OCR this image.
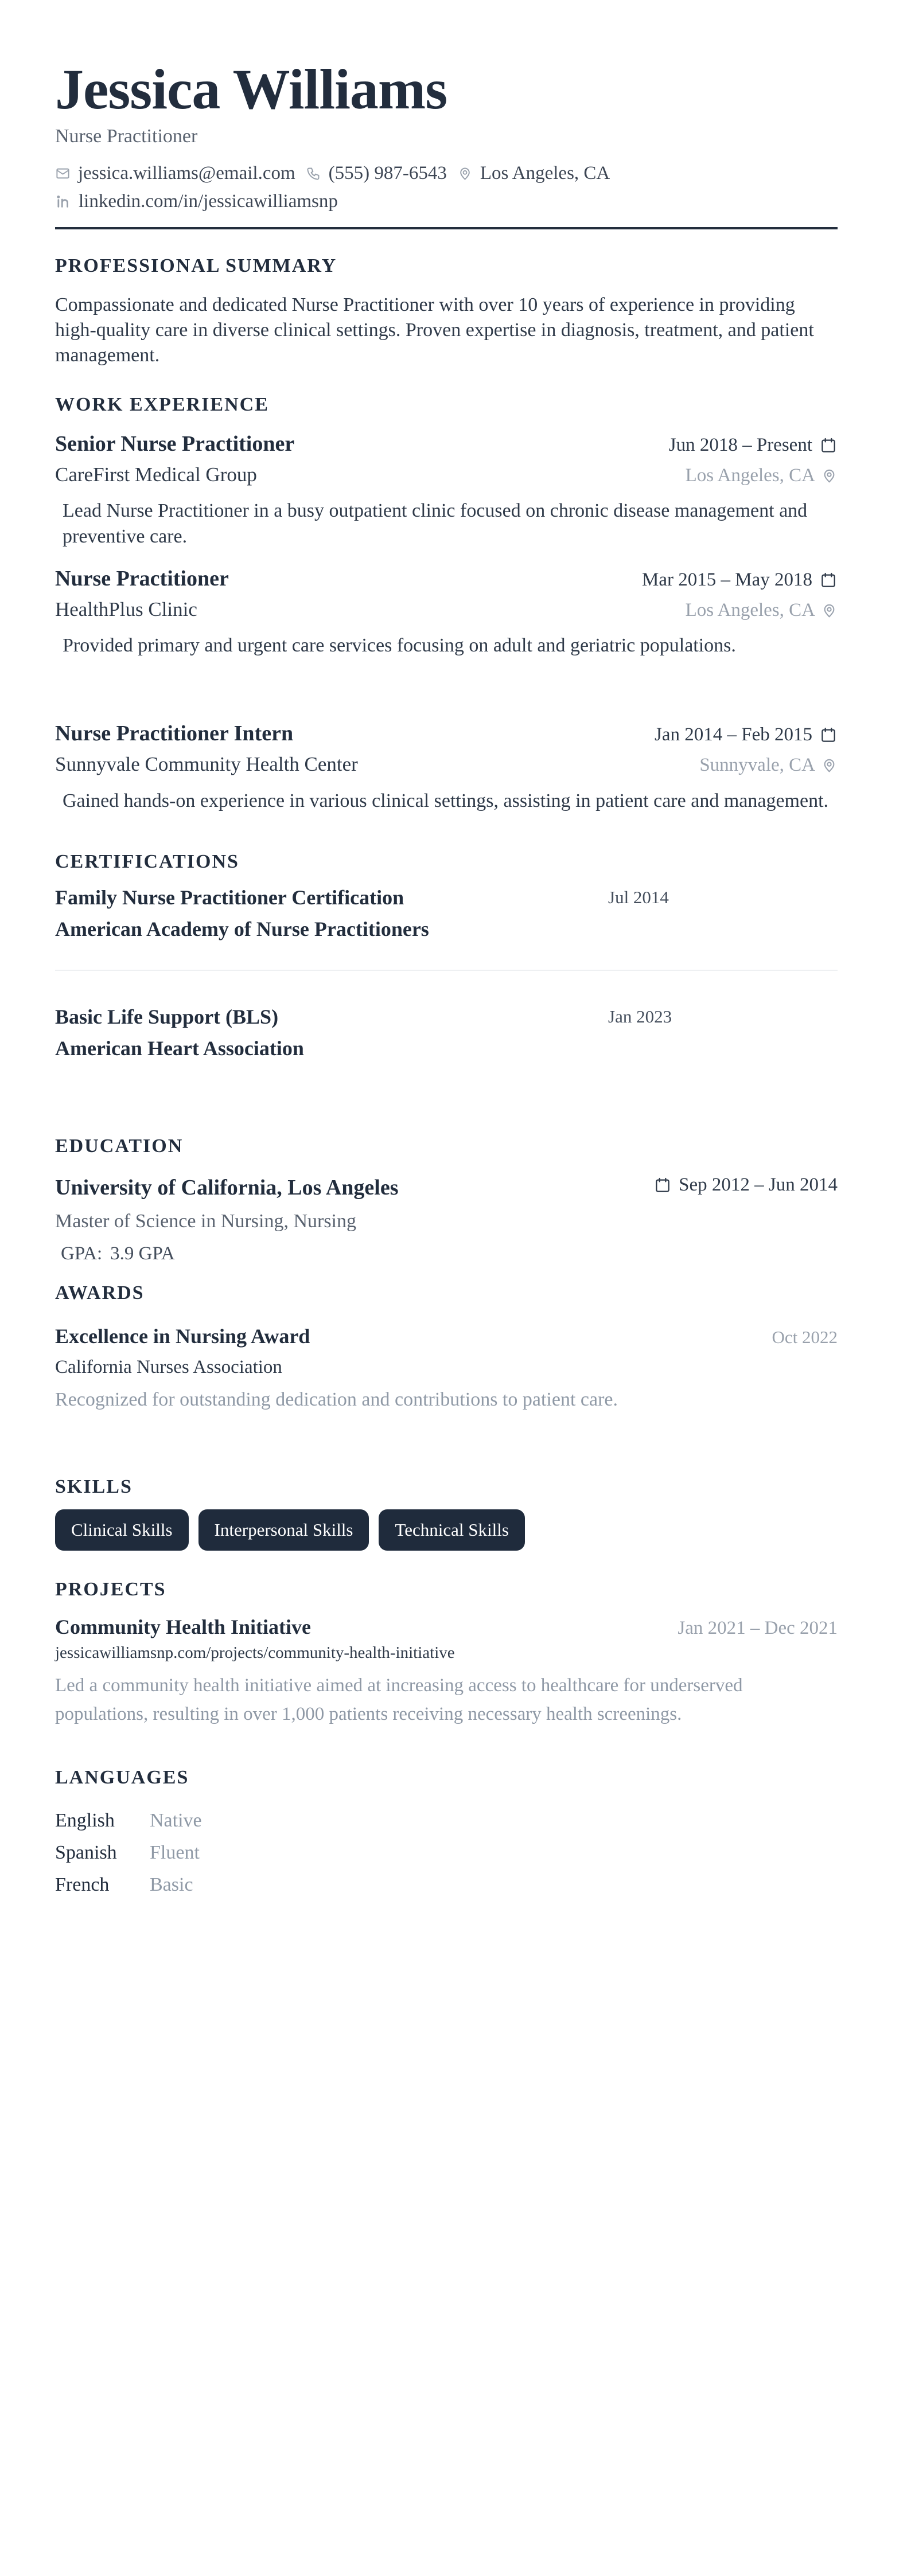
Jessica Williams
Nurse Practitioner
jessica.williams@email.com (555) 987-6543 Los Angeles, CA
linkedin.com/in/jessicawilliamsnp
PROFESSIONAL SUMMARY
Compassionate and dedicated Nurse Practitioner with over 10 years of experience in providing high-quality care in diverse clinical settings. Proven expertise in diagnosis, treatment, and patient management.
WORK EXPERIENCE
Senior Nurse Practitioner	Jun 2018 – Present
CareFirst Medical Group	Los Angeles, CA
Lead Nurse Practitioner in a busy outpatient clinic focused on chronic disease management and preventive care.
Nurse Practitioner	Mar 2015 – May 2018
HealthPlus Clinic	Los Angeles, CA
Provided primary and urgent care services focusing on adult and geriatric populations.
Nurse Practitioner Intern	Jan 2014 – Feb 2015
Sunnyvale Community Health Center	Sunnyvale, CA
Gained hands-on experience in various clinical settings, assisting in patient care and management.
CERTIFICATIONS
Family Nurse Practitioner Certification
American Academy of Nurse Practitioners
Jul 2014
Basic Life Support (BLS)
American Heart Association
Jan 2023
EDUCATION
University of California, Los Angeles	Sep 2012 – Jun 2014
Master of Science in Nursing, Nursing
GPA: 3.9 GPA
AWARDS
Excellence in Nursing Award	Oct 2022
California Nurses Association
Recognized for outstanding dedication and contributions to patient care.
SKILLS
Clinical Skills	Interpersonal Skills	Technical Skills
PROJECTS
Community Health Initiative	Jan 2021 – Dec 2021
jessicawilliamsnp.com/projects/community-health-initiative
Led a community health initiative aimed at increasing access to healthcare for underserved populations, resulting in over 1,000 patients receiving necessary health screenings.
LANGUAGES
English	Native
Spanish	Fluent
French	Basic
